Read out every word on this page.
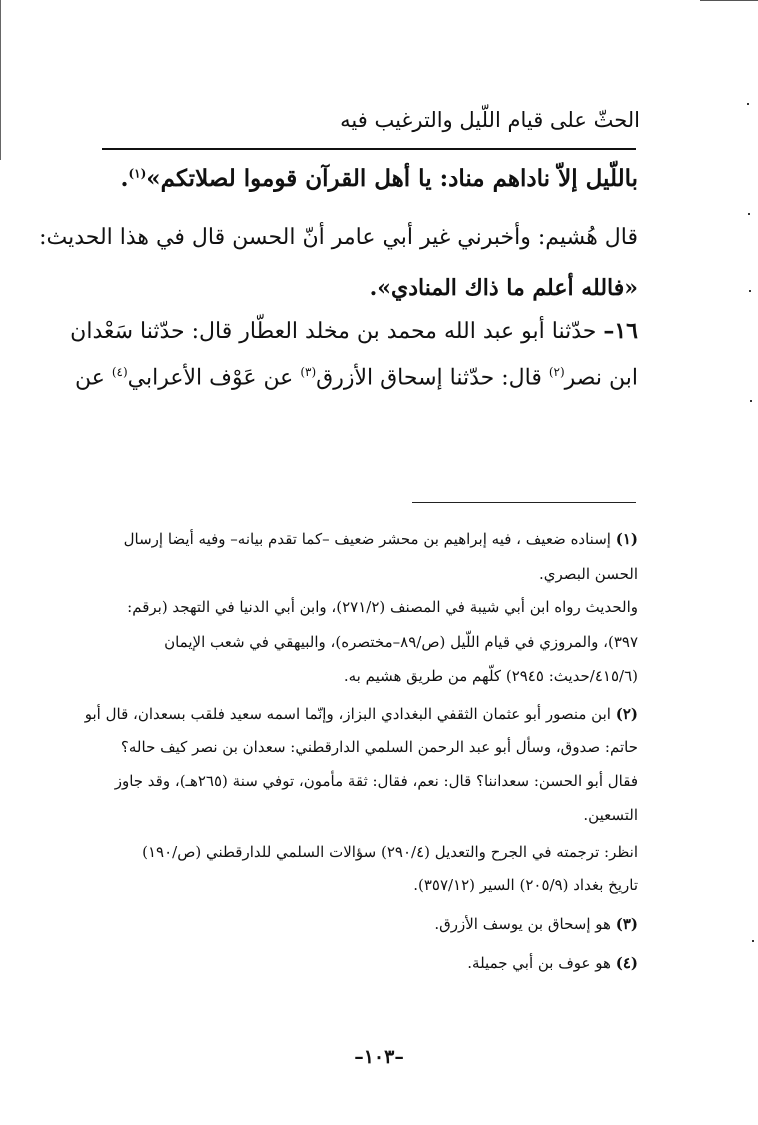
الحثّ على قيام اللّيل والترغيب فيه
باللّيل إلاّ ناداهم مناد: يا أهل القرآن قوموا لصلاتكم»$^{(١)}$.
قال هُشيم: وأخبرني غير أبي عامر أنّ الحسن قال في هذا الحديث:
«فالله أعلم ما ذاك المنادي».
١٦– حدّثنا أبو عبد الله محمد بن مخلد العطّار قال: حدّثنا سَعْدان
ابن نصر$^{(٢)}$ قال: حدّثنا إسحاق الأزرق$^{(٣)}$ عن عَوْف الأعرابي$^{(٤)}$ عن
(١) إسناده ضعيف ، فيه إبراهيم بن محشر ضعيف –كما تقدم بيانه– وفيه أيضا إرسال
الحسن البصري.
والحديث رواه ابن أبي شيبة في المصنف (٢٧١/٢)، وابن أبي الدنيا في التهجد (برقم:
٣٩٧)، والمروزي في قيام اللّيل (ص/٨٩–مختصره)، والبيهقي في شعب الإيمان
(٤١٥/٦/حديث: ٢٩٤٥) كلّهم من طريق هشيم به.
(٢) ابن منصور أبو عثمان الثقفي البغدادي البزاز، وإنّما اسمه سعيد فلقب بسعدان، قال أبو
حاتم: صدوق، وسأل أبو عبد الرحمن السلمي الدارقطني: سعدان بن نصر كيف حاله؟
فقال أبو الحسن: سعداننا؟ قال: نعم، فقال: ثقة مأمون، توفي سنة (٢٦٥هـ)، وقد جاوز
التسعين.
انظر: ترجمته في الجرح والتعديل (٢٩٠/٤) سؤالات السلمي للدارقطني (ص/١٩٠)
تاريخ بغداد (٢٠٥/٩) السير (٣٥٧/١٢).
(٣) هو إسحاق بن يوسف الأزرق.
(٤) هو عوف بن أبي جميلة.
–١٠٣–
